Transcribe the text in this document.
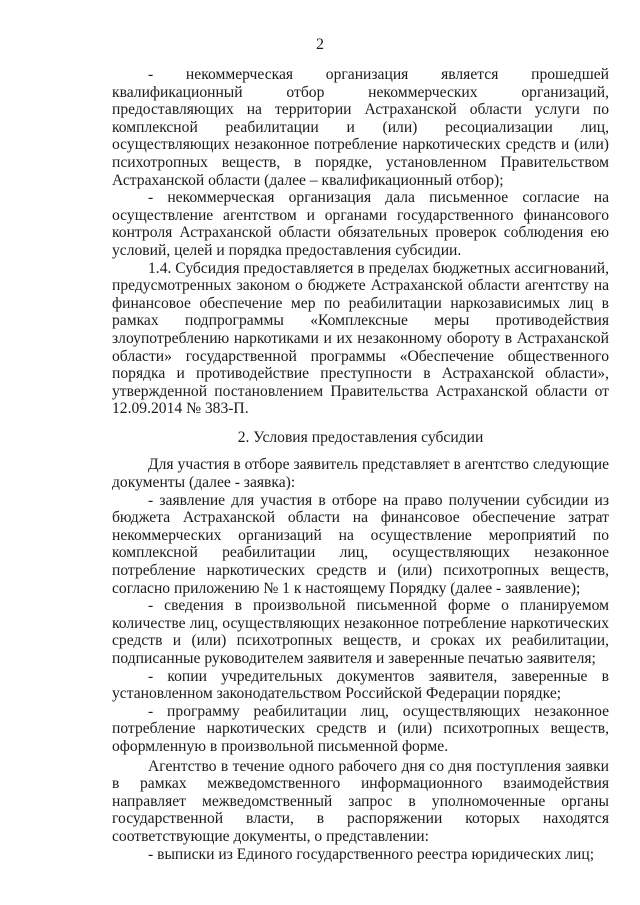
2

- некоммерческая организация является прошедшей квалификационный отбор некоммерческих организаций, предоставляющих на территории Астраханской области услуги по комплексной реабилитации и (или) ресоциализации лиц, осуществляющих незаконное потребление наркотических средств и (или) психотропных веществ, в порядке, установленном Правительством Астраханской области (далее – квалификационный отбор);

- некоммерческая организация дала письменное согласие на осуществление агентством и органами государственного финансового контроля Астраханской области обязательных проверок соблюдения ею условий, целей и порядка предоставления субсидии.

1.4. Субсидия предоставляется в пределах бюджетных ассигнований, предусмотренных законом о бюджете Астраханской области агентству на финансовое обеспечение мер по реабилитации наркозависимых лиц в рамках подпрограммы «Комплексные меры противодействия злоупотреблению наркотиками и их незаконному обороту в Астраханской области» государственной программы «Обеспечение общественного порядка и противодействие преступности в Астраханской области», утвержденной постановлением Правительства Астраханской области от 12.09.2014 № 383-П.

2. Условия предоставления субсидии

Для участия в отборе заявитель представляет в агентство следующие документы (далее - заявка):

- заявление для участия в отборе на право получении субсидии из бюджета Астраханской области на финансовое обеспечение затрат некоммерческих организаций на осуществление мероприятий по комплексной реабилитации лиц, осуществляющих незаконное потребление наркотических средств и (или) психотропных веществ, согласно приложению № 1 к настоящему Порядку (далее - заявление);

- сведения в произвольной письменной форме о планируемом количестве лиц, осуществляющих незаконное потребление наркотических средств и (или) психотропных веществ, и сроках их реабилитации, подписанные руководителем заявителя и заверенные печатью заявителя;

- копии учредительных документов заявителя, заверенные в установленном законодательством Российской Федерации порядке;

- программу реабилитации лиц, осуществляющих незаконное потребление наркотических средств и (или) психотропных веществ, оформленную в произвольной письменной форме.

Агентство в течение одного рабочего дня со дня поступления заявки в рамках межведомственного информационного взаимодействия направляет межведомственный запрос в уполномоченные органы государственной власти, в распоряжении которых находятся соответствующие документы, о представлении:

- выписки из Единого государственного реестра юридических лиц;
